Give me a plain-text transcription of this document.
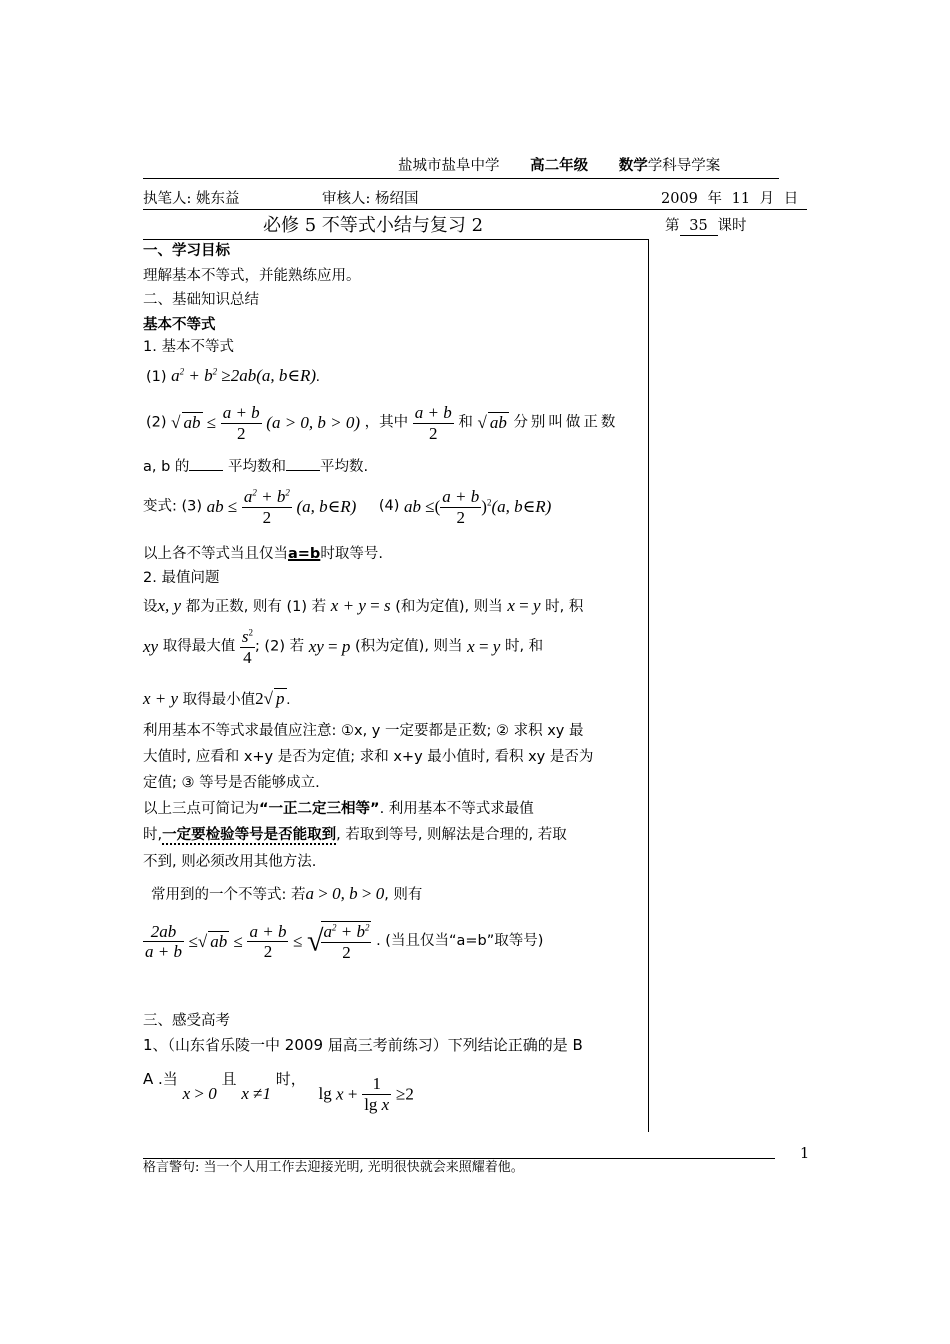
盐城市盐阜中学 高二年级 数学学科导学案
执笔人: 姚东益	审核人: 杨绍国	2009 年 11 月 日
必修 5 不等式小结与复习 2	第 35 课时
一、学习目标
理解基本不等式，并能熟练应用。
二、基础知识总结
基本不等式
1. 基本不等式
(1) $a^2 + b^2 \ge 2ab(a$, b∈R).
(2) √ ab ≤ $\frac{a + b}{2} (a > 0$, b > 0) ，其中 $\frac{a + b}{2}$ 和 √ ab 分别叫做正数
a, b 的	平均数和 平均数.
变式: (3) ab ≤ $\frac{a^2 + b^2}{2} (a$, b∈R) (4) ab ≤( $\frac{a + b}{2} )^2(a$, b∈R)
以上各不等式当且仅当a=b时取等号.
2. 最值问题
设x, y 都为正数, 则有 (1) 若 x + y = s (和为定值), 则当 x = y 时, 积
xy 取得最大值 $\frac{s^2}{4}$ ; (2) 若 xy = p (积为定值), 则当 x = y 时, 和
x + y 取得最小值2√ p .
利用基本不等式求最值应注意: ①x, y 一定要都是正数; ② 求积 xy 最
大值时, 应看和 x+y 是否为定值; 求和 x+y 最小值时, 看积 xy 是否为
定值; ③ 等号是否能够成立.
以上三点可简记为“一正二定三相等”. 利用基本不等式求最值
时,一定要检验等号是否能取到, 若取到等号, 则解法是合理的, 若取
不到, 则必须改用其他方法.
常用到的一个不等式: 若a > 0, b > 0, 则有
$\frac{2ab}{a + b}$ ≤√ ab ≤ $\frac{a + b}{2}$ ≤ √
$\frac{a^2 + b^2}{2}$ . (当且仅当“a=b”取等号)
三、感受高考
1、（山东省乐陵一中 2009 届高三考前练习）下列结论正确的是 B
A .当 x > 0 且 x ≠1 时， $\lg x + \frac{1}{\text{lg x}} \ge 2$
1
格言警句: 当一个人用工作去迎接光明, 光明很快就会来照耀着他。
